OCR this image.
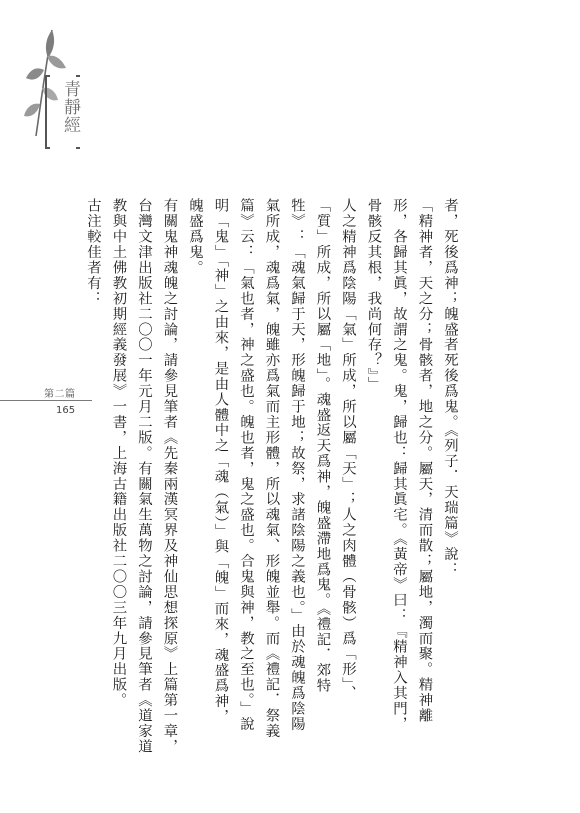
青靜經
第二篇
165	者，死後爲神；魄盛者死後爲鬼。《列子．天瑞篇》說：

「精神者，天之分；骨骸者，地之分。屬天，清而散；屬地，濁而聚。精神離

形，各歸其眞，故謂之鬼。鬼，歸也：歸其眞宅。《黃帝》曰：『精神入其門，

骨骸反其根，我尚何存？』」

人之精神爲陰陽「氣」所成，所以屬「天」；人之肉體（骨骸）爲「形」、

「質」所成，所以屬「地」。魂盛返天爲神，魄盛滯地爲鬼。《禮記．郊特

牲》：「魂氣歸于天，形魄歸于地；故祭，求諸陰陽之義也。」由於魂魄爲陰陽

氣所成，魂爲氣，魄雖亦爲氣而主形體，所以魂氣、形魄並舉。而《禮記．祭義

篇》云：「氣也者，神之盛也。魄也者，鬼之盛也。合鬼與神，教之至也。」說

明「鬼」「神」之由來，是由人體中之「魂（氣）」與「魄」而來，魂盛爲神，

魄盛爲鬼。

有關鬼神魂魄之討論，請參見筆者《先秦兩漢冥界及神仙思想探原》上篇第一章，

台灣文津出版社二〇〇一年元月二版。有關氣生萬物之討論，請參見筆者《道家道

教與中土佛教初期經義發展》一書，上海古籍出版社二〇〇三年九月出版。

古注較佳者有：
